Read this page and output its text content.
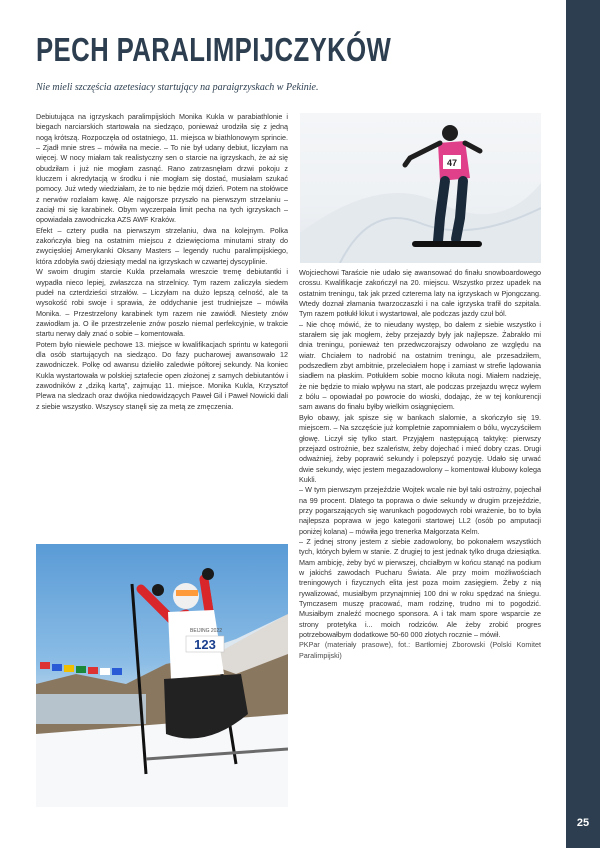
25
PECH PARALIMPIJCZYKÓW
Nie mieli szczęścia azetesiacy startujący na paraigrzyskach w Pekinie.

Debiutująca na igrzyskach paralimpijskich Monika Kukla w parabiathlonie i biegach narciarskich startowała na siedząco, ponieważ urodziła się z jedną nogą krótszą. Rozpoczęła od ostatniego, 11. miejsca w biathlonowym sprincie. – Zjadł mnie stres – mówiła na mecie. – To nie był udany debiut, liczyłam na więcej. W nocy miałam tak realistyczny sen o starcie na igrzyskach, że aż się obudziłam i już nie mogłam zasnąć. Rano zatrzasnęłam drzwi pokoju z kluczem i akredytacją w środku i nie mogłam się dostać, musiałam szukać pomocy. Już wtedy wiedziałam, że to nie będzie mój dzień. Potem na stołówce z nerwów rozlałam kawę. Ale najgorsze przyszło na pierwszym strzelaniu – zaciął mi się karabinek. Obym wyczerpała limit pecha na tych igrzyskach – opowiadała zawodniczka AZS AWF Kraków.

Efekt – cztery pudła na pierwszym strzelaniu, dwa na kolejnym. Polka zakończyła bieg na ostatnim miejscu z dziewięcioma minutami straty do zwycięskiej Amerykanki Oksany Masters – legendy ruchu paralimpijskiego, która zdobyła swój dziesiąty medal na igrzyskach w czwartej dyscyplinie.

W swoim drugim starcie Kukla przełamała wreszcie tremę debiutantki i wypadła nieco lepiej, zwłaszcza na strzelnicy. Tym razem zaliczyła siedem pudeł na czterdzieści strzałów. – Liczyłam na dużo lepszą celność, ale ta wysokość robi swoje i sprawia, że oddychanie jest trudniejsze – mówiła Monika. – Przestrzelony karabinek tym razem nie zawiódł. Niestety znów zawiodłam ja. O ile przestrzelenie znów poszło niemal perfekcyjnie, w trakcie startu nerwy dały znać o sobie – komentowała.

Potem było niewiele pechowe 13. miejsce w kwalifikacjach sprintu w kategorii dla osób startujących na siedząco. Do fazy pucharowej awansowało 12 zawodniczek. Polkę od awansu dzieliło zaledwie półtorej sekundy. Na koniec Kukla wystartowała w polskiej sztafecie open złożonej z samych debiutantów i zawodników z „dziką kartą”, zajmując 11. miejsce. Monika Kukla, Krzysztof Plewa na sledzach oraz dwójka niedowidzących Paweł Gil i Paweł Nowicki dali z siebie wszystko. Wszyscy stanęli się za metą ze zmęczenia.

47

Wojciechowi Taraście nie udało się awansować do finału snowboardowego crossu. Kwalifikacje zakończył na 20. miejscu. Wszystko przez upadek na ostatnim treningu, tak jak przed czterema laty na igrzyskach w Pjongczang. Wtedy doznał złamania twarzoczaszki i na całe igrzyska trafił do szpitala. Tym razem potłukł kikut i wystartował, ale podczas jazdy czuł ból.

– Nie chcę mówić, że to nieudany występ, bo dałem z siebie wszystko i starałem się jak mogłem, żeby przejazdy były jak najlepsze. Żabrakło mi dnia treningu, ponieważ ten przedwczorajszy odwołano ze względu na wiatr. Chciałem to nadrobić na ostatnim treningu, ale przesadziłem, podszedłem zbyt ambitnie, przeleciałem hopę i zamiast w strefie lądowania siadłem na płaskim. Potłukłem sobie mocno kikuta nogi. Miałem nadzieję, że nie będzie to miało wpływu na start, ale podczas przejazdu wręcz wyłem z bólu – opowiadał po powrocie do wioski, dodając, że w tej konkurencji sam awans do finału byłby wielkim osiągnięciem.

Było obawy, jak spisze się w bankach slalomie, a skończyło się 19. miejscem. – Na szczęście już kompletnie zapomniałem o bólu, wyczyściłem głowę. Liczył się tylko start. Przyjąłem następującą taktykę: pierwszy przejazd ostrożnie, bez szaleństw, żeby dojechać i mieć dobry czas. Drugi odważniej, żeby poprawić sekundy i polepszyć pozycję. Udało się urwać dwie sekundy, więc jestem megazadowolony – komentował klubowy kolega Kukli.

– W tym pierwszym przejeździe Wojtek wcale nie był taki ostrożny, pojechał na 99 procent. Dlatego ta poprawa o dwie sekundy w drugim przejeździe, przy pogarszających się warunkach pogodowych robi wrażenie, bo to była najlepsza poprawa w jego kategorii startowej LL2 (osób po amputacji poniżej kolana) – mówiła jego trenerka Małgorzata Kelm.

– Z jednej strony jestem z siebie zadowolony, bo pokonałem wszystkich tych, których byłem w stanie. Z drugiej to jest jednak tylko druga dziesiątka. Mam ambicję, żeby być w pierwszej, chciałbym w końcu stanąć na podium w jakichś zawodach Pucharu Świata. Ale przy moim możliwościach treningowych i fizycznych elita jest poza moim zasięgiem. Żeby z nią rywalizować, musiałbym przynajmniej 100 dni w roku spędzać na śniegu. Tymczasem muszę pracować, mam rodzinę, trudno mi to pogodzić. Musiałbym znaleźć mocnego sponsora. A i tak mam spore wsparcie ze strony protetyka i... moich rodziców. Ale żeby zrobić progres potrzebowałbym dodatkowe 50-60 000 złotych rocznie – mówił.

PKPar (materiały prasowe), fot.: Bartłomiej Zborowski (Polski Komitet Paralimpijski)

123
BEIJING 2022
